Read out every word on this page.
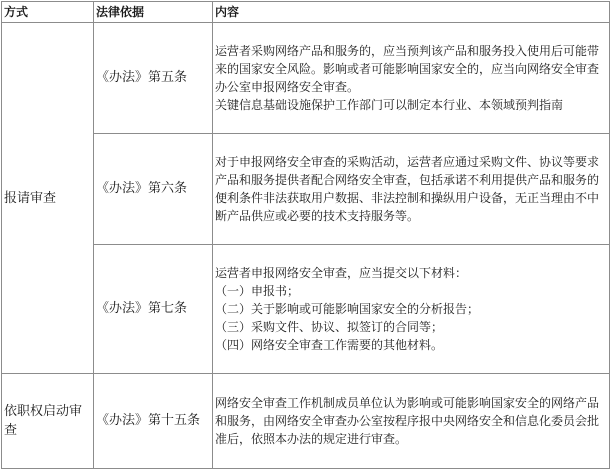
方式	法律依据	内容
报请审查	《办法》第五条	运营者采购网络产品和服务的，应当预判该产品和服务投入使用后可能带来的国家安全风险。影响或者可能影响国家安全的，应当向网络安全审查办公室申报网络安全审查。
关键信息基础设施保护工作部门可以制定本行业、本领域预判指南

	《办法》第六条	对于申报网络安全审查的采购活动，运营者应通过采购文件、协议等要求产品和服务提供者配合网络安全审查，包括承诺不利用提供产品和服务的便利条件非法获取用户数据、非法控制和操纵用户设备，无正当理由不中断产品供应或必要的技术支持服务等。

	《办法》第七条	运营者申报网络安全审查，应当提交以下材料：
（一）申报书；
（二）关于影响或可能影响国家安全的分析报告；
（三）采购文件、协议、拟签订的合同等；
（四）网络安全审查工作需要的其他材料。

依职权启动审查	《办法》第十五条	网络安全审查工作机制成员单位认为影响或可能影响国家安全的网络产品和服务，由网络安全审查办公室按程序报中央网络安全和信息化委员会批准后，依照本办法的规定进行审查。
